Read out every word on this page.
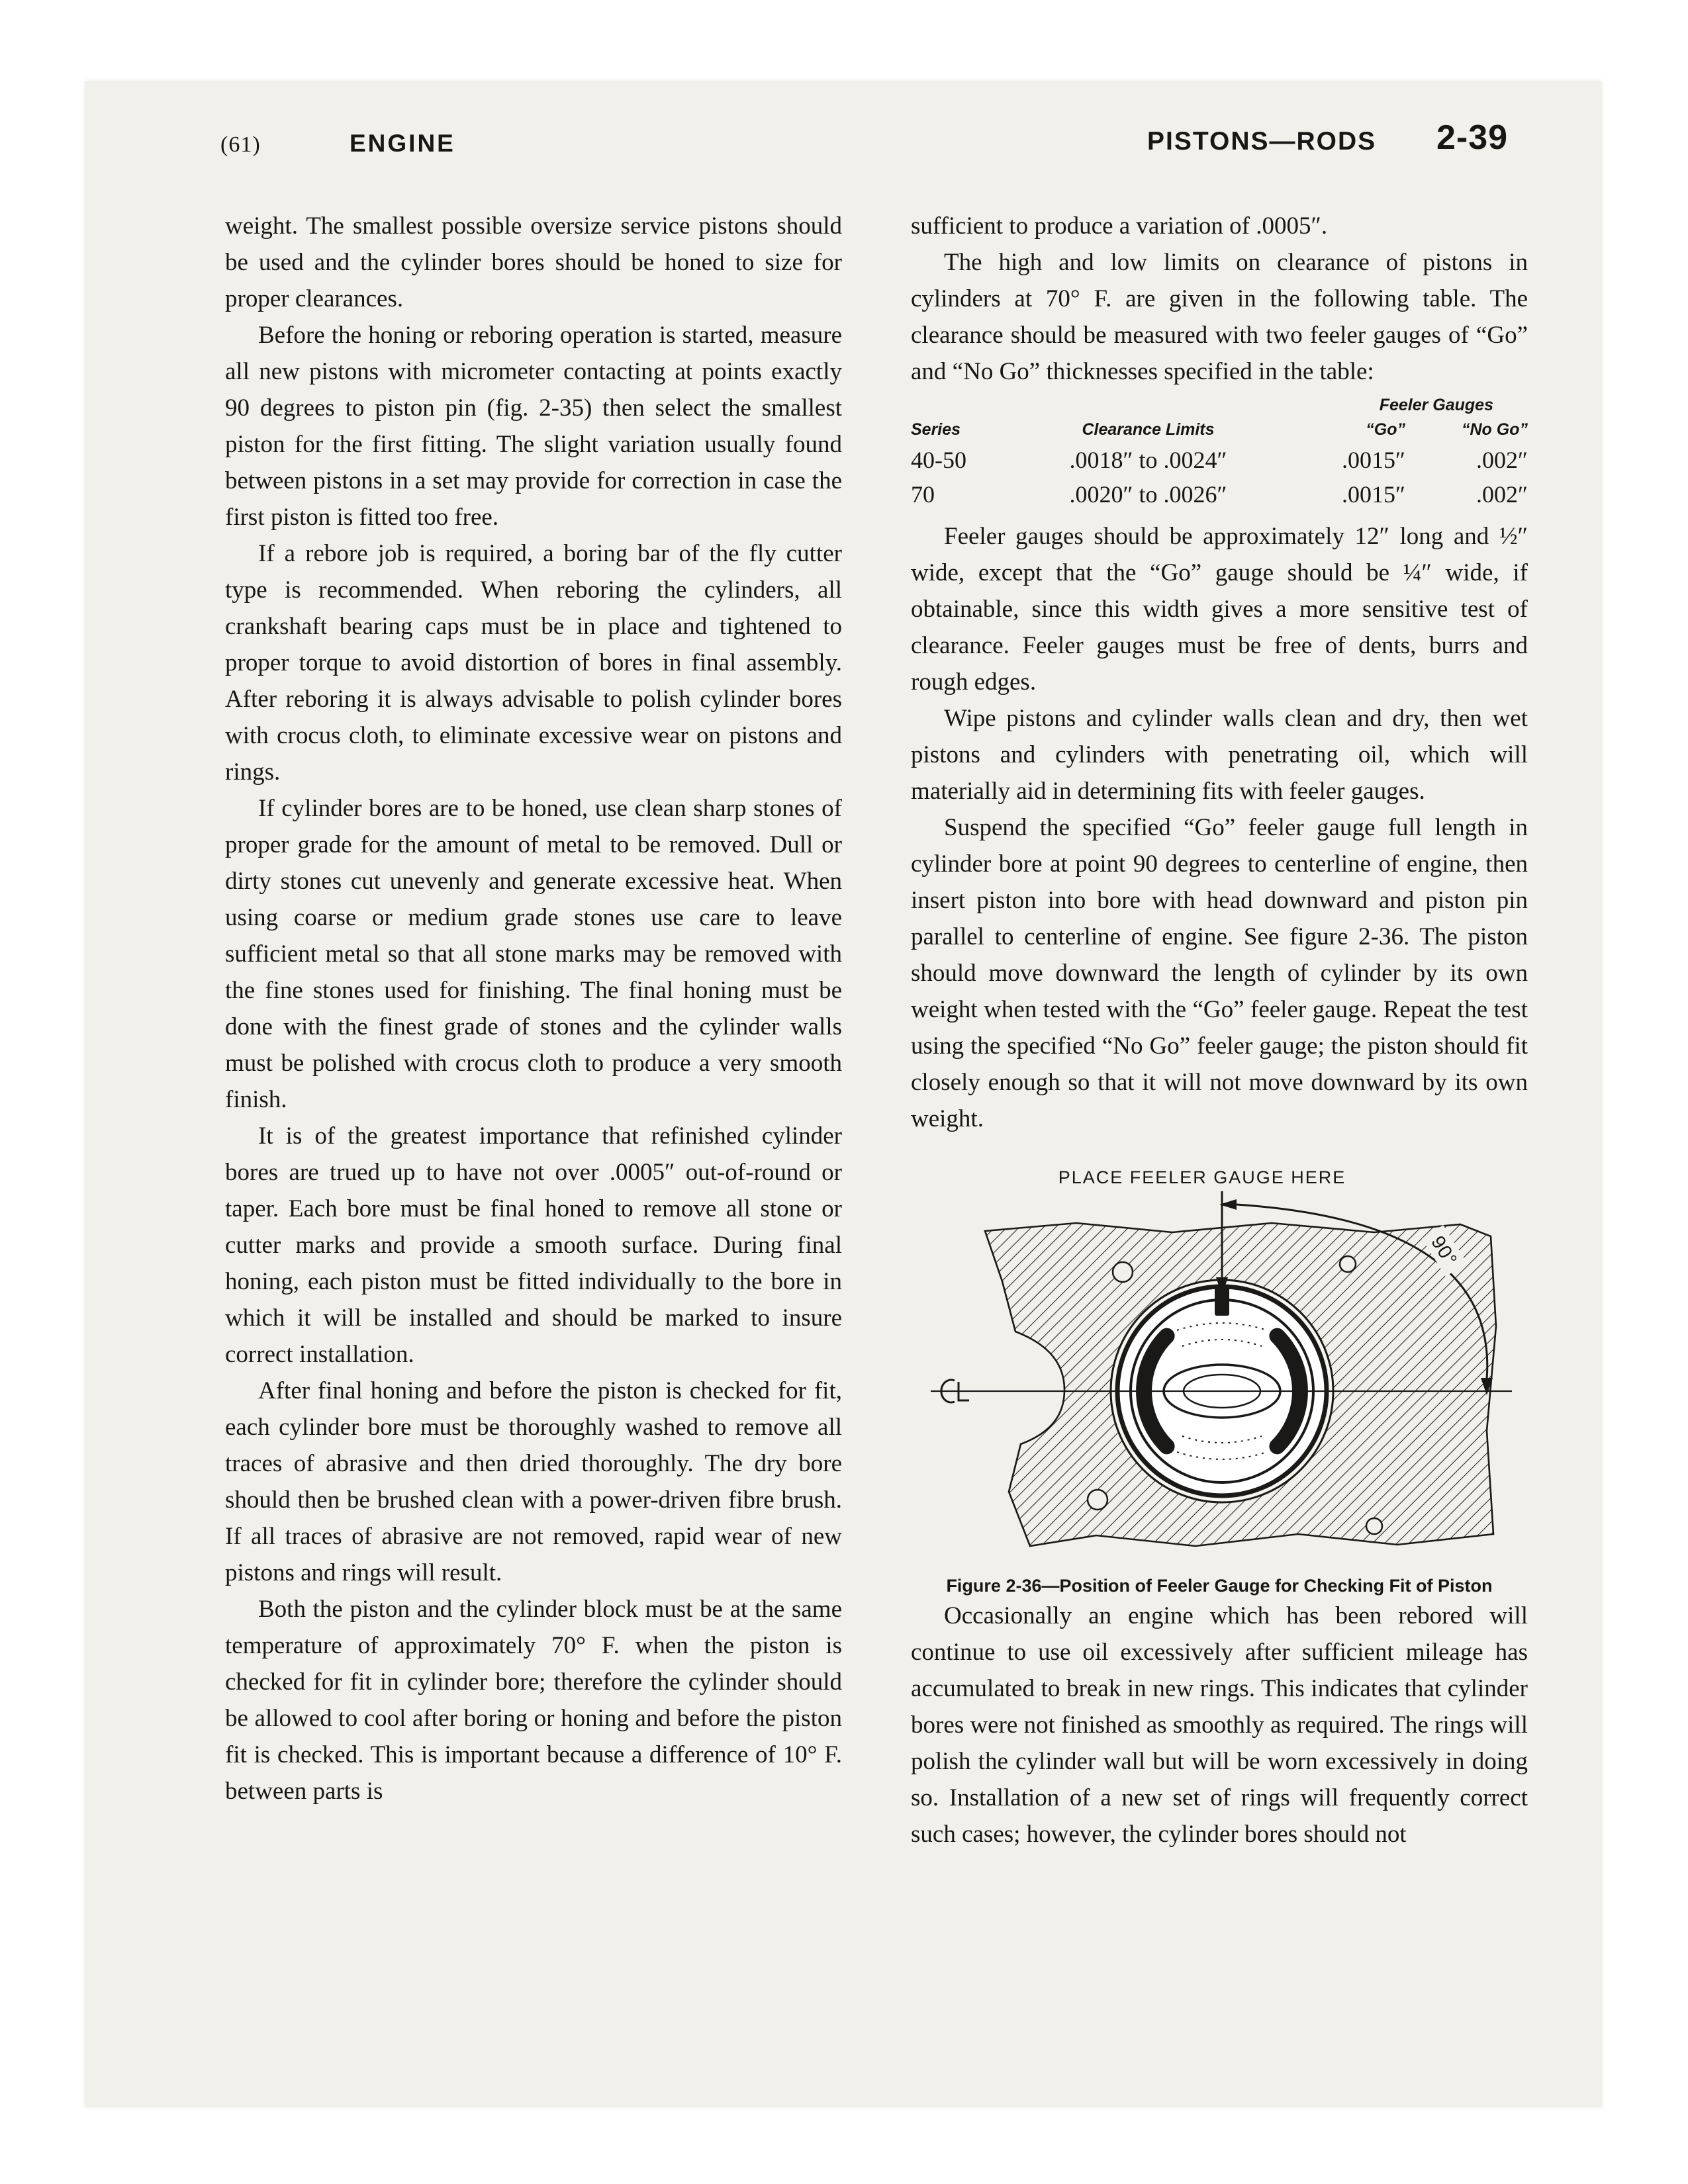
(61)	ENGINE	PISTONS—RODS 2-39

weight. The smallest possible oversize service pistons should be used and the cylinder bores should be honed to size for proper clearances.

Before the honing or reboring operation is started, measure all new pistons with micrometer contacting at points exactly 90 degrees to piston pin (fig. 2-35) then select the smallest piston for the first fitting. The slight variation usually found between pistons in a set may provide for correction in case the first piston is fitted too free.

If a rebore job is required, a boring bar of the fly cutter type is recommended. When reboring the cylinders, all crankshaft bearing caps must be in place and tightened to proper torque to avoid distortion of bores in final assembly. After reboring it is always advisable to polish cylinder bores with crocus cloth, to eliminate excessive wear on pistons and rings.

If cylinder bores are to be honed, use clean sharp stones of proper grade for the amount of metal to be removed. Dull or dirty stones cut unevenly and generate excessive heat. When using coarse or medium grade stones use care to leave sufficient metal so that all stone marks may be removed with the fine stones used for finishing. The final honing must be done with the finest grade of stones and the cylinder walls must be polished with crocus cloth to produce a very smooth finish.

It is of the greatest importance that refinished cylinder bores are trued up to have not over .0005″ out-of-round or taper. Each bore must be final honed to remove all stone or cutter marks and provide a smooth surface. During final honing, each piston must be fitted individually to the bore in which it will be installed and should be marked to insure correct installation.

After final honing and before the piston is checked for fit, each cylinder bore must be thoroughly washed to remove all traces of abrasive and then dried thoroughly. The dry bore should then be brushed clean with a power-driven fibre brush. If all traces of abrasive are not removed, rapid wear of new pistons and rings will result.

Both the piston and the cylinder block must be at the same temperature of approximately 70° F. when the piston is checked for fit in cylinder bore; therefore the cylinder should be allowed to cool after boring or honing and before the piston fit is checked. This is important because a difference of 10° F. between parts is

sufficient to produce a variation of .0005″.

The high and low limits on clearance of pistons in cylinders at 70° F. are given in the following table. The clearance should be measured with two feeler gauges of “Go” and “No Go” thicknesses specified in the table:

Feeler Gauges
Series	Clearance Limits	“Go”	“No Go”
40-50	.0018″ to .0024″	.0015″	.002″
70	.0020″ to .0026″	.0015″	.002″

Feeler gauges should be approximately 12″ long and ½″ wide, except that the “Go” gauge should be ¼″ wide, if obtainable, since this width gives a more sensitive test of clearance. Feeler gauges must be free of dents, burrs and rough edges.

Wipe pistons and cylinder walls clean and dry, then wet pistons and cylinders with penetrating oil, which will materially aid in determining fits with feeler gauges.

Suspend the specified “Go” feeler gauge full length in cylinder bore at point 90 degrees to centerline of engine, then insert piston into bore with head downward and piston pin parallel to centerline of engine. See figure 2-36. The piston should move downward the length of cylinder by its own weight when tested with the “Go” feeler gauge. Repeat the test using the specified “No Go” feeler gauge; the piston should fit closely enough so that it will not move downward by its own weight.

PLACE FEELER GAUGE HERE
90°
Figure 2-36—Position of Feeler Gauge for Checking Fit of Piston

Occasionally an engine which has been rebored will continue to use oil excessively after sufficient mileage has accumulated to break in new rings. This indicates that cylinder bores were not finished as smoothly as required. The rings will polish the cylinder wall but will be worn excessively in doing so. Installation of a new set of rings will frequently correct such cases; however, the cylinder bores should not
